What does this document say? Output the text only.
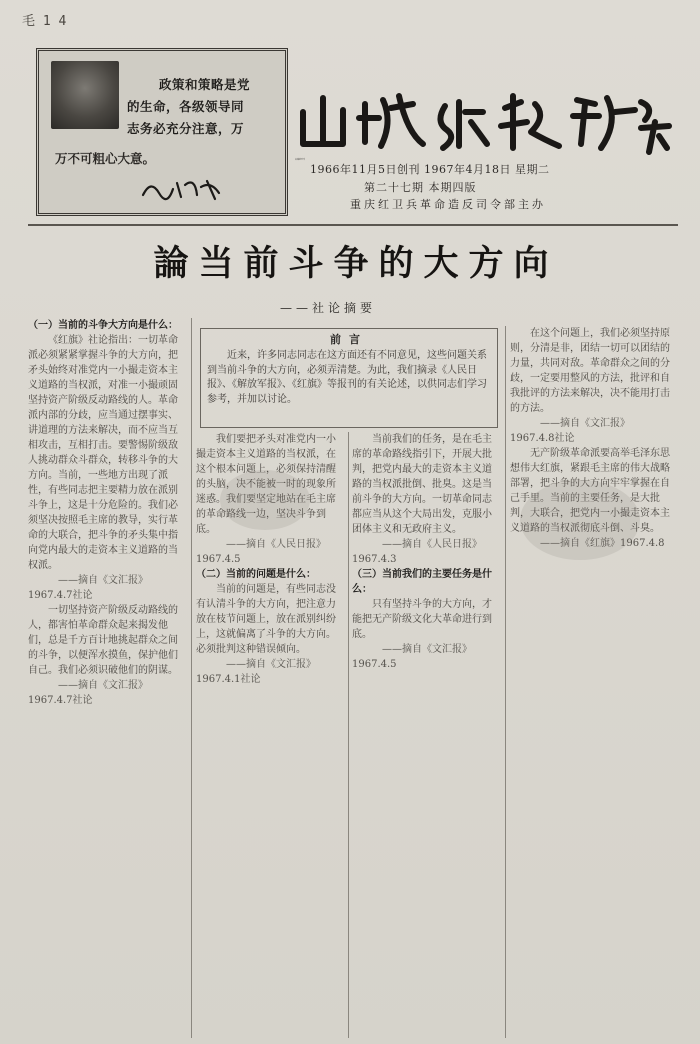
毛 1 4
政策和策略是党
的生命，各级领导同
志务必充分注意，万
万不可粗心大意。	山城红卫兵
1966年11月5日创刊 1967年4月18日 星期二
第二十七期 本期四版
重庆红卫兵革命造反司令部主办
論当前斗争的大方向
——社论摘要
前言

近来，许多同志同志在这方面还有不同意见，这些问题关系到当前斗争的大方向，必须弄清楚。为此，我们摘录《人民日报》、《解放军报》、《红旗》等报刊的有关论述，以供同志们学习参考，并加以讨论。

（一）当前的斗争大方向是什么：

《红旗》社论指出：一切革命派必须紧紧掌握斗争的大方向，把矛头始终对准党内一小撮走资本主义道路的当权派，对准一小撮顽固坚持资产阶级反动路线的人。革命派内部的分歧，应当通过摆事实、讲道理的方法来解决，而不应当互相攻击，互相打击。要警惕阶级敌人挑动群众斗群众，转移斗争的大方向。当前，一些地方出现了派性，有些同志把主要精力放在派别斗争上，这是十分危险的。我们必须坚决按照毛主席的教导，实行革命的大联合，把斗争的矛头集中指向党内最大的走资本主义道路的当权派。

——摘自《文汇报》1967.4.7社论

一切坚持资产阶级反动路线的人，都害怕革命群众起来揭发他们，总是千方百计地挑起群众之间的斗争，以便浑水摸鱼，保护他们自己。我们必须识破他们的阴谋。

——摘自《文汇报》1967.4.7社论

我们要把矛头对准党内一小撮走资本主义道路的当权派，在这个根本问题上，必须保持清醒的头脑，决不能被一时的现象所迷惑。我们要坚定地站在毛主席的革命路线一边，坚决斗争到底。

——摘自《人民日报》1967.4.5

（二）当前的问题是什么：

当前的问题是，有些同志没有认清斗争的大方向，把注意力放在枝节问题上，放在派别纠纷上，这就偏离了斗争的大方向。必须批判这种错误倾向。

——摘自《文汇报》1967.4.1社论

当前我们的任务，是在毛主席的革命路线指引下，开展大批判，把党内最大的走资本主义道路的当权派批倒、批臭。这是当前斗争的大方向。一切革命同志都应当从这个大局出发，克服小团体主义和无政府主义。

——摘自《人民日报》1967.4.3

（三）当前我们的主要任务是什么：

只有坚持斗争的大方向，才能把无产阶级文化大革命进行到底。

——摘自《文汇报》1967.4.5

在这个问题上，我们必须坚持原则，分清是非，团结一切可以团结的力量，共同对敌。革命群众之间的分歧，一定要用整风的方法，批评和自我批评的方法来解决，决不能用打击的方法。

——摘自《文汇报》1967.4.8社论

无产阶级革命派要高举毛泽东思想伟大红旗，紧跟毛主席的伟大战略部署，把斗争的大方向牢牢掌握在自己手里。当前的主要任务，是大批判，大联合，把党内一小撮走资本主义道路的当权派彻底斗倒、斗臭。

——摘自《红旗》1967.4.8
